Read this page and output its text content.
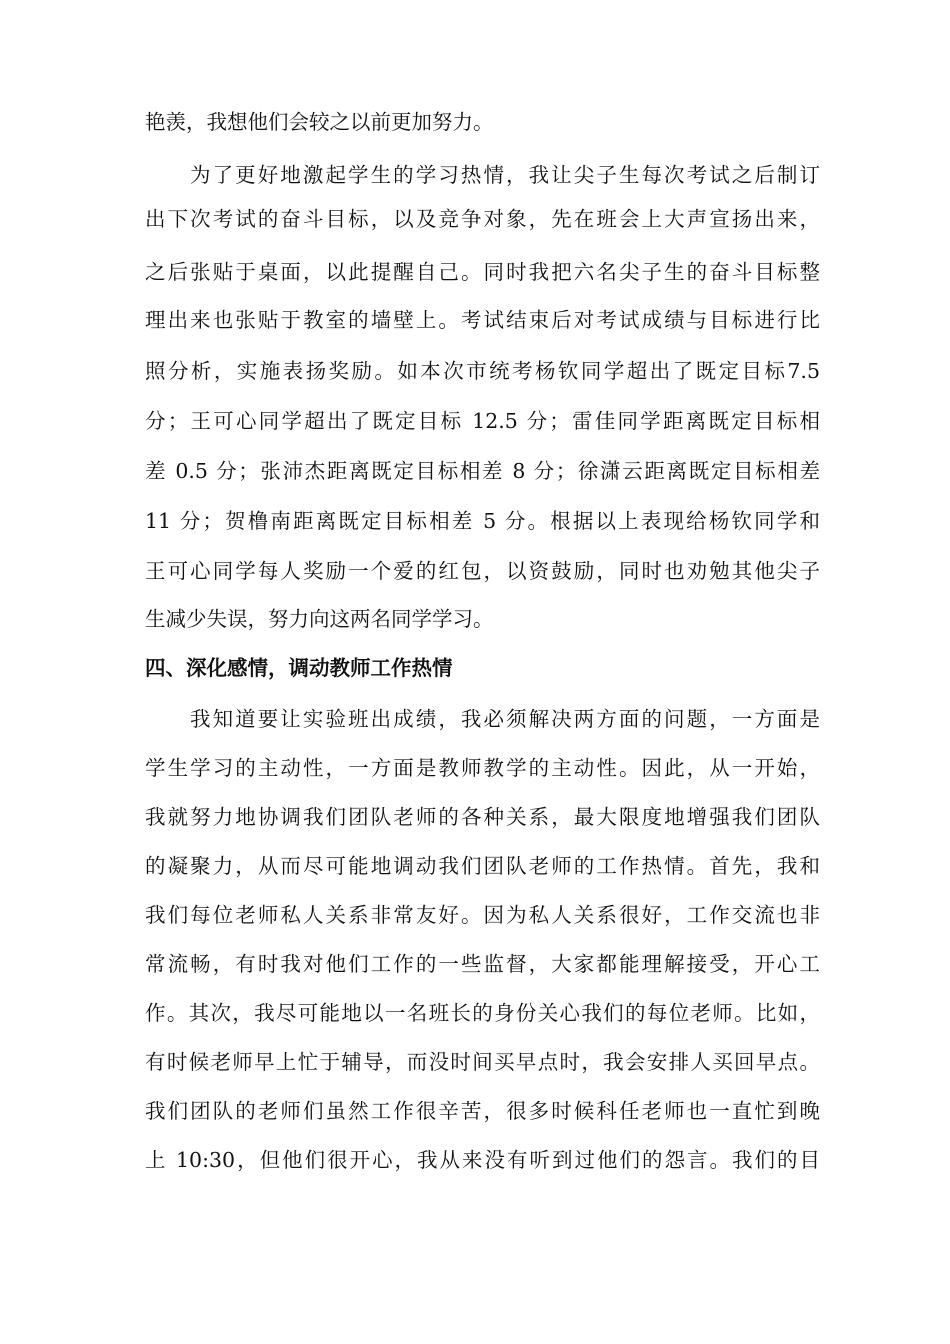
艳羡，我想他们会较之以前更加努力。
为了更好地激起学生的学习热情，我让尖子生每次考试之后制订
出下次考试的奋斗目标，以及竞争对象，先在班会上大声宣扬出来，
之后张贴于桌面，以此提醒自己。同时我把六名尖子生的奋斗目标整
理出来也张贴于教室的墙壁上。考试结束后对考试成绩与目标进行比
照分析，实施表扬奖励。如本次市统考杨钦同学超出了既定目标7.5
分；王可心同学超出了既定目标 12.5 分；雷佳同学距离既定目标相
差 0.5 分；张沛杰距离既定目标相差 8 分；徐潇云距离既定目标相差
11 分；贺橹南距离既定目标相差 5 分。根据以上表现给杨钦同学和
王可心同学每人奖励一个爱的红包，以资鼓励，同时也劝勉其他尖子
生减少失误，努力向这两名同学学习。
四、深化感情，调动教师工作热情
我知道要让实验班出成绩，我必须解决两方面的问题，一方面是
学生学习的主动性，一方面是教师教学的主动性。因此，从一开始，
我就努力地协调我们团队老师的各种关系，最大限度地增强我们团队
的凝聚力，从而尽可能地调动我们团队老师的工作热情。首先，我和
我们每位老师私人关系非常友好。因为私人关系很好，工作交流也非
常流畅，有时我对他们工作的一些监督，大家都能理解接受，开心工
作。其次，我尽可能地以一名班长的身份关心我们的每位老师。比如，
有时候老师早上忙于辅导，而没时间买早点时，我会安排人买回早点。
我们团队的老师们虽然工作很辛苦，很多时候科任老师也一直忙到晚
上 10:30，但他们很开心，我从来没有听到过他们的怨言。我们的目
